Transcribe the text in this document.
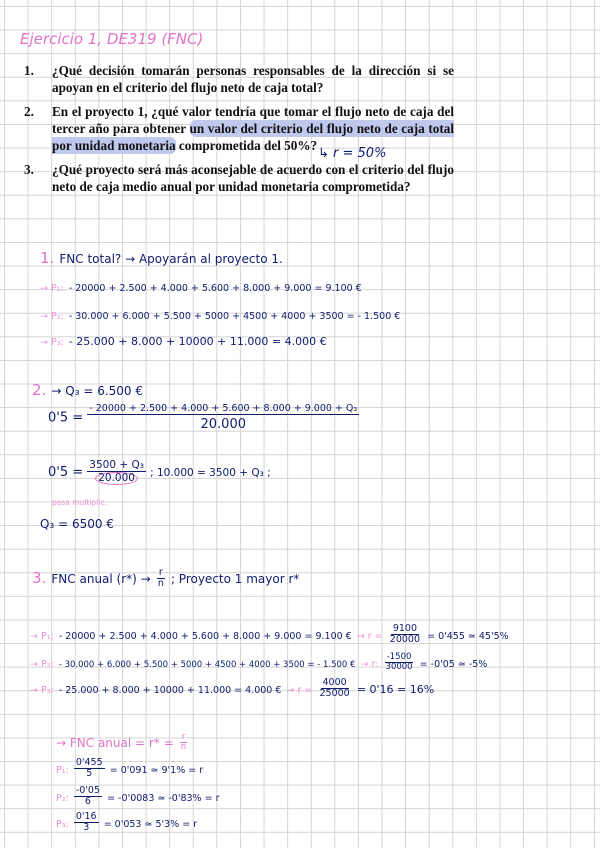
Ejercicio 1, DE319 (FNC)
1.	¿Qué decisión tomarán personas responsables de la dirección si se apoyan en el criterio del flujo neto de caja total?
2.	En el proyecto 1, ¿qué valor tendría que tomar el flujo neto de caja del tercer año para obtener un valor del criterio del flujo neto de caja total por unidad monetaria comprometida del 50%?
3.	¿Qué proyecto será más aconsejable de acuerdo con el criterio del flujo neto de caja medio anual por unidad monetaria comprometida?
↳ r = 50%
1. FNC total? → Apoyarán al proyecto 1.
→ P₁: - 20000 + 2.500 + 4.000 + 5.600 + 8.000 + 9.000 = 9.100 €
→ P₂: - 30.000 + 6.000 + 5.500 + 5000 + 4500 + 4000 + 3500 = - 1.500 €
→ P₃: - 25.000 + 8.000 + 10000 + 11.000 = 4.000 €
2. → Q₃ = 6.500 €
$0'5 = \frac{\text{- 20000 + 2.500 + 4.000 + 5.600 + 8.000 + 9.000 + Q₃}}{20.000}$
$0'5 = \frac{\text{3500 + Q₃}}{20.000}$ ; 10.000 = 3500 + Q₃ ;
pasa multiplic.
Q₃ = 6500 €
3. FNC anual $(r*) \to \frac{r}{n}$ ; Proyecto 1 mayor r*
→ P₁: - 20000 + 2.500 + 4.000 + 5.600 + 8.000 + 9.000 = 9.100 € → $r = \frac{9100}{20000} = 0'455$ ≃ 45'5%
→ P₂: - 30.000 + 6.000 + 5.500 + 5000 + 4500 + 4000 + 3500 = - 1.500 € → r: $\frac{-1500}{30000} = -0'05$ ≃ -5%
→ P₃: - 25.000 + 8.000 + 10000 + 11.000 = 4.000 € → $r = \frac{4000}{25000} = 0'16 = 16\%$
→ FNC anual = $r* = \frac{r}{n}$
P₁: $\frac{0'455}{5} = 0'091$ ≃ 9'1% = r
P₂: $\frac{-0'05}{6} = -0'0083$ ≃ -0'83% = r
P₃: $\frac{0'16}{3} = 0'053$ ≃ 5'3% = r
